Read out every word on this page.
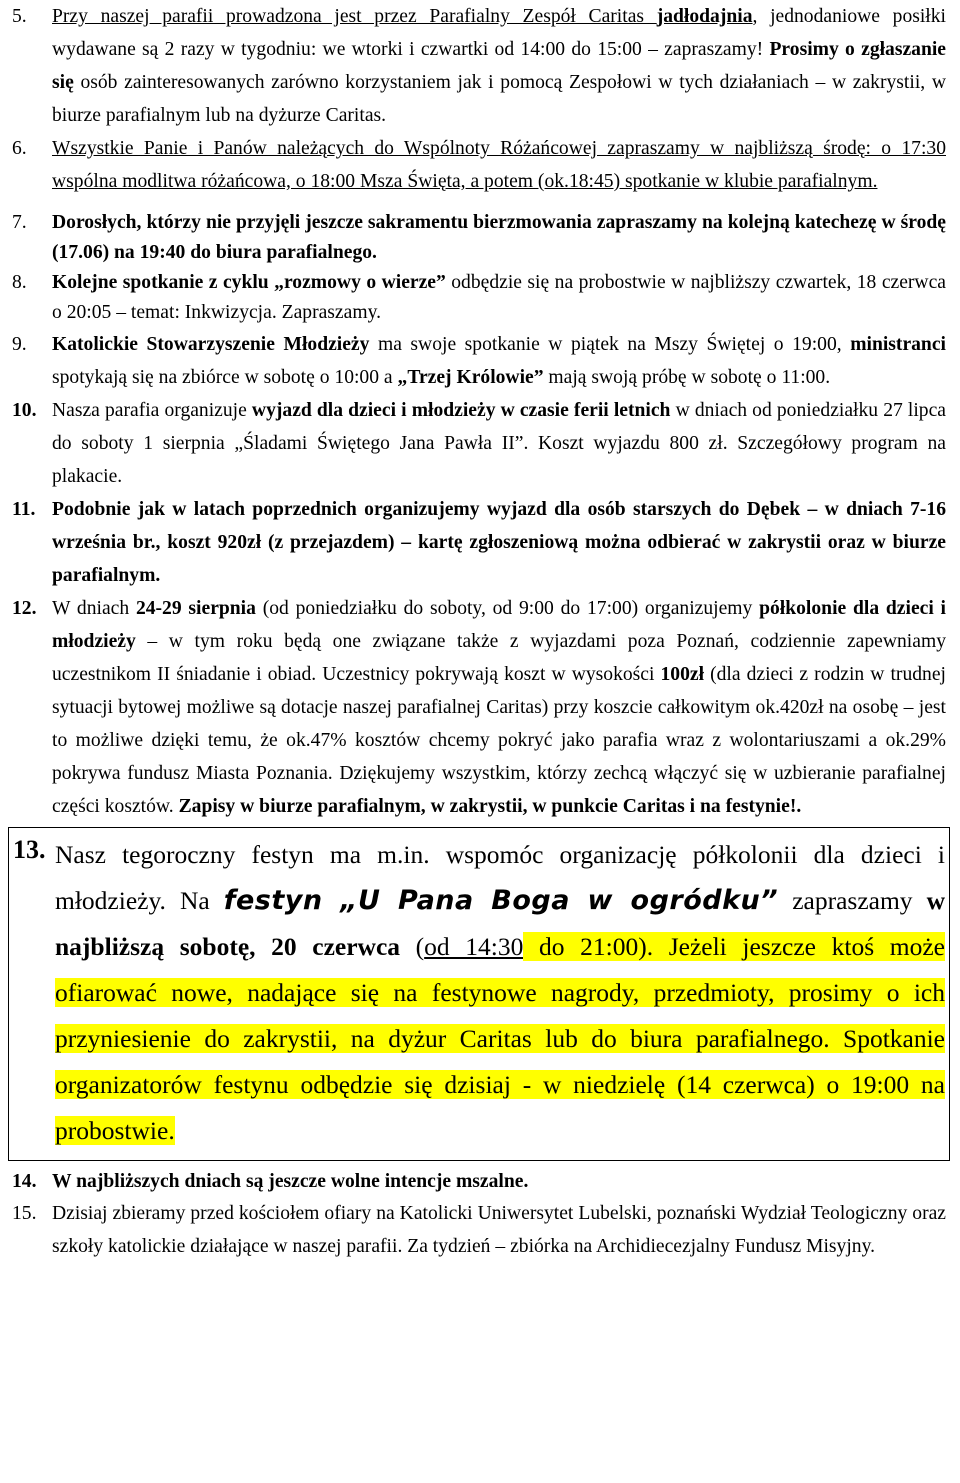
5.	Przy naszej parafii prowadzona jest przez Parafialny Zespół Caritas jadłodajnia, jednodaniowe posiłki wydawane są 2 razy w tygodniu: we wtorki i czwartki od 14:00 do 15:00 – zapraszamy! Prosimy o zgłaszanie się osób zainteresowanych zarówno korzystaniem jak i pomocą Zespołowi w tych działaniach – w zakrystii, w biurze parafialnym lub na dyżurze Caritas.
6.	Wszystkie Panie i Panów należących do Wspólnoty Różańcowej zapraszamy w najbliższą środę: o 17:30 wspólna modlitwa różańcowa, o 18:00 Msza Święta, a potem (ok.18:45) spotkanie w klubie parafialnym.
7.	Dorosłych, którzy nie przyjęli jeszcze sakramentu bierzmowania zapraszamy na kolejną katechezę w środę (17.06) na 19:40 do biura parafialnego.
8.	Kolejne spotkanie z cyklu „rozmowy o wierze” odbędzie się na probostwie w najbliższy czwartek, 18 czerwca o 20:05 – temat: Inkwizycja. Zapraszamy.
9.	Katolickie Stowarzyszenie Młodzieży ma swoje spotkanie w piątek na Mszy Świętej o 19:00, ministranci spotykają się na zbiórce w sobotę o 10:00 a „Trzej Królowie” mają swoją próbę w sobotę o 11:00.
10. Nasza parafia organizuje wyjazd dla dzieci i młodzieży w czasie ferii letnich w dniach od poniedziałku 27 lipca do soboty 1 sierpnia „Śladami Świętego Jana Pawła II”. Koszt wyjazdu 800 zł. Szczegółowy program na plakacie.
11. Podobnie jak w latach poprzednich organizujemy wyjazd dla osób starszych do Dębek – w dniach 7-16 września br., koszt 920zł (z przejazdem) – kartę zgłoszeniową można odbierać w zakrystii oraz w biurze parafialnym.
12. W dniach 24-29 sierpnia (od poniedziałku do soboty, od 9:00 do 17:00) organizujemy półkolonie dla dzieci i młodzieży – w tym roku będą one związane także z wyjazdami poza Poznań, codziennie zapewniamy uczestnikom II śniadanie i obiad. Uczestnicy pokrywają koszt w wysokości 100zł (dla dzieci z rodzin w trudnej sytuacji bytowej możliwe są dotacje naszej parafialnej Caritas) przy koszcie całkowitym ok.420zł na osobę – jest to możliwe dzięki temu, że ok.47% kosztów chcemy pokryć jako parafia wraz z wolontariuszami a ok.29% pokrywa fundusz Miasta Poznania. Dziękujemy wszystkim, którzy zechcą włączyć się w uzbieranie parafialnej części kosztów. Zapisy w biurze parafialnym, w zakrystii, w punkcie Caritas i na festynie!.
13. Nasz tegoroczny festyn ma m.in. wspomóc organizację półkolonii dla dzieci i młodzieży. Na festyn „U Pana Boga w ogródku” zapraszamy w najbliższą sobotę, 20 czerwca (od 14:30 do 21:00). Jeżeli jeszcze ktoś może ofiarować nowe, nadające się na festynowe nagrody, przedmioty, prosimy o ich przyniesienie do zakrystii, na dyżur Caritas lub do biura parafialnego. Spotkanie organizatorów festynu odbędzie się dzisiaj - w niedzielę (14 czerwca) o 19:00 na probostwie.
14. W najbliższych dniach są jeszcze wolne intencje mszalne.
15. Dzisiaj zbieramy przed kościołem ofiary na Katolicki Uniwersytet Lubelski, poznański Wydział Teologiczny oraz szkoły katolickie działające w naszej parafii. Za tydzień – zbiórka na Archidiecezjalny Fundusz Misyjny.
